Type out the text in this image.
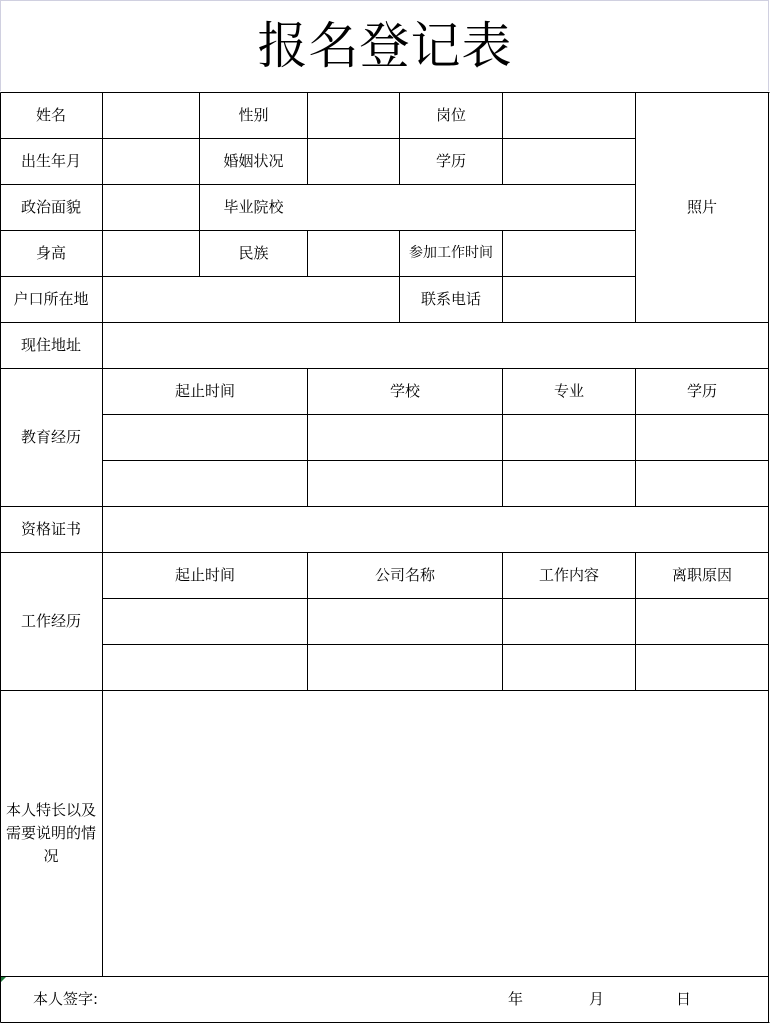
报名登记表
姓名	性别	岗位
照片
出生年月	婚姻状况	学历
政治面貌	毕业院校
身高	民族	参加工作时间
户口所在地	联系电话
现住地址
教育经历
起止时间	学校	专业	学历
资格证书
工作经历
起止时间	公司名称	工作内容	离职原因
本人特长以及需要说明的情况
本人签字:	年	月	日
